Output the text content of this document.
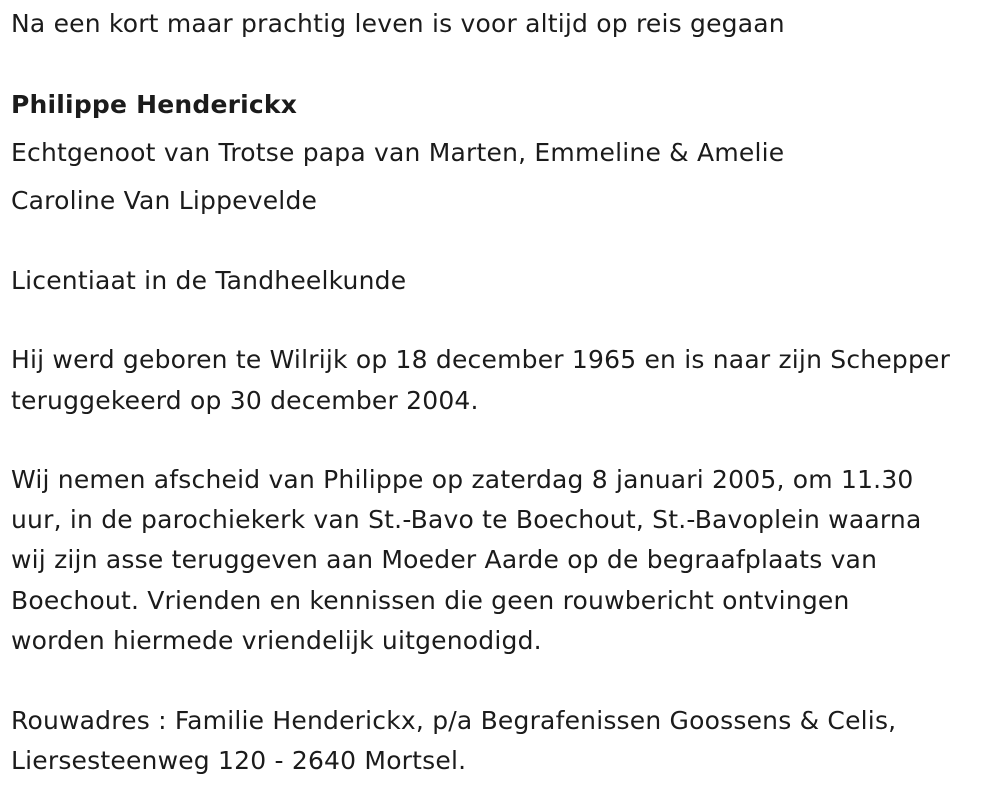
Na een kort maar prachtig leven is voor altijd op reis gegaan
Philippe Henderickx
Echtgenoot van Trotse papa van Marten, Emmeline & Amelie
Caroline Van Lippevelde
Licentiaat in de Tandheelkunde
Hij werd geboren te Wilrijk op 18 december 1965 en is naar zijn Schepper
teruggekeerd op 30 december 2004.
Wij nemen afscheid van Philippe op zaterdag 8 januari 2005, om 11.30
uur, in de parochiekerk van St.-Bavo te Boechout, St.-Bavoplein waarna
wij zijn asse teruggeven aan Moeder Aarde op de begraafplaats van
Boechout. Vrienden en kennissen die geen rouwbericht ontvingen
worden hiermede vriendelijk uitgenodigd.
Rouwadres : Familie Henderickx, p/a Begrafenissen Goossens & Celis,
Liersesteenweg 120 - 2640 Mortsel.
